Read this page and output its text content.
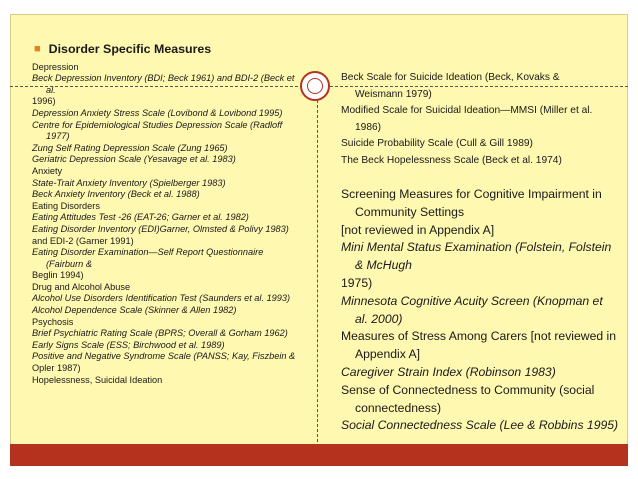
■ Disorder Specific Measures
Depression
Beck Depression Inventory (BDI; Beck 1961) and BDI-2 (Beck et
al.
1996)
Depression Anxiety Stress Scale (Lovibond & Lovibond 1995)
Centre for Epidemiological Studies Depression Scale (Radloff
1977)
Zung Self Rating Depression Scale (Zung 1965)
Geriatric Depression Scale (Yesavage et al. 1983)
Anxiety
State-Trait Anxiety Inventory (Spielberger 1983)
Beck Anxiety Inventory (Beck et al. 1988)
Eating Disorders
Eating Attitudes Test -26 (EAT-26; Garner et al. 1982)
Eating Disorder Inventory (EDI)Garner, Olmsted & Polivy 1983)
and EDI-2 (Garner 1991)
Eating Disorder Examination—Self Report Questionnaire
(Fairburn &
Beglin 1994)
Drug and Alcohol Abuse
Alcohol Use Disorders Identification Test (Saunders et al. 1993)
Alcohol Dependence Scale (Skinner & Allen 1982)
Psychosis
Brief Psychiatric Rating Scale (BPRS; Overall & Gorham 1962)
Early Signs Scale (ESS; Birchwood et al. 1989)
Positive and Negative Syndrome Scale (PANSS; Kay, Fiszbein &
Opler 1987)
Hopelessness, Suicidal Ideation
Beck Scale for Suicide Ideation (Beck, Kovaks &
Weismann 1979)
Modified Scale for Suicidal Ideation—MMSI (Miller et al.
1986)
Suicide Probability Scale (Cull & Gill 1989)
The Beck Hopelessness Scale (Beck et al. 1974)
Screening Measures for Cognitive Impairment in
Community Settings
[not reviewed in Appendix A]
Mini Mental Status Examination (Folstein, Folstein
& McHugh
1975)
Minnesota Cognitive Acuity Screen (Knopman et
al. 2000)
Measures of Stress Among Carers [not reviewed in
Appendix A]
Caregiver Strain Index (Robinson 1983)
Sense of Connectedness to Community (social
connectedness)
Social Connectedness Scale (Lee & Robbins 1995)
